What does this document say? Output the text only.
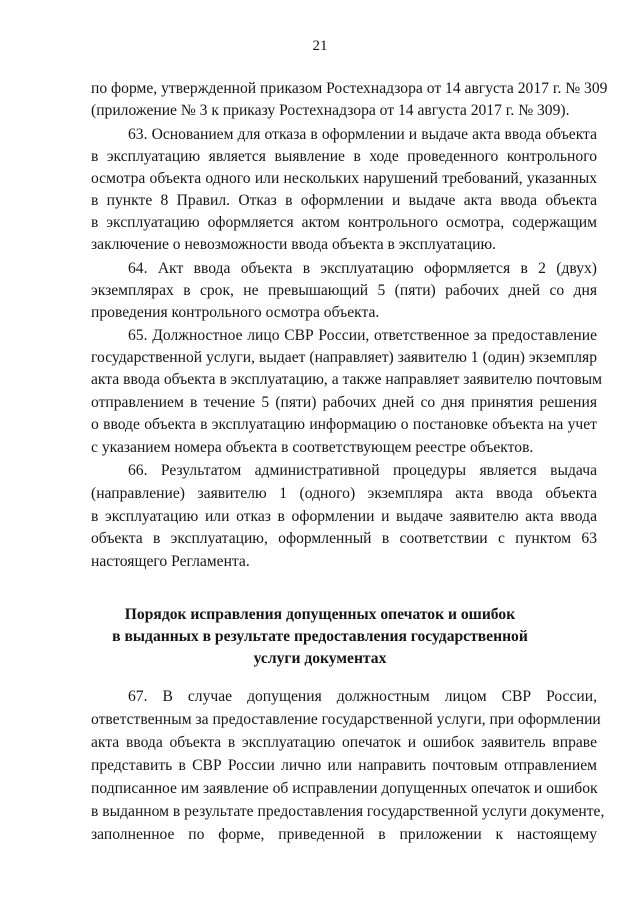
21
по форме, утвержденной приказом Ростехнадзора от 14 августа 2017 г. № 309
(приложение № 3 к приказу Ростехнадзора от 14 августа 2017 г. № 309).
63. Основанием для отказа в оформлении и выдаче акта ввода объекта
в эксплуатацию является выявление в ходе проведенного контрольного
осмотра объекта одного или нескольких нарушений требований, указанных
в пункте 8 Правил. Отказ в оформлении и выдаче акта ввода объекта
в эксплуатацию оформляется актом контрольного осмотра, содержащим
заключение о невозможности ввода объекта в эксплуатацию.
64. Акт ввода объекта в эксплуатацию оформляется в 2 (двух)
экземплярах в срок, не превышающий 5 (пяти) рабочих дней со дня
проведения контрольного осмотра объекта.
65. Должностное лицо СВР России, ответственное за предоставление
государственной услуги, выдает (направляет) заявителю 1 (один) экземпляр
акта ввода объекта в эксплуатацию, а также направляет заявителю почтовым
отправлением в течение 5 (пяти) рабочих дней со дня принятия решения
о вводе объекта в эксплуатацию информацию о постановке объекта на учет
с указанием номера объекта в соответствующем реестре объектов.
66. Результатом административной процедуры является выдача
(направление) заявителю 1 (одного) экземпляра акта ввода объекта
в эксплуатацию или отказ в оформлении и выдаче заявителю акта ввода
объекта в эксплуатацию, оформленный в соответствии с пунктом 63
настоящего Регламента.
Порядок исправления допущенных опечаток и ошибок
в выданных в результате предоставления государственной
услуги документах
67. В случае допущения должностным лицом СВР России,
ответственным за предоставление государственной услуги, при оформлении
акта ввода объекта в эксплуатацию опечаток и ошибок заявитель вправе
представить в СВР России лично или направить почтовым отправлением
подписанное им заявление об исправлении допущенных опечаток и ошибок
в выданном в результате предоставления государственной услуги документе,
заполненное по форме, приведенной в приложении к настоящему
